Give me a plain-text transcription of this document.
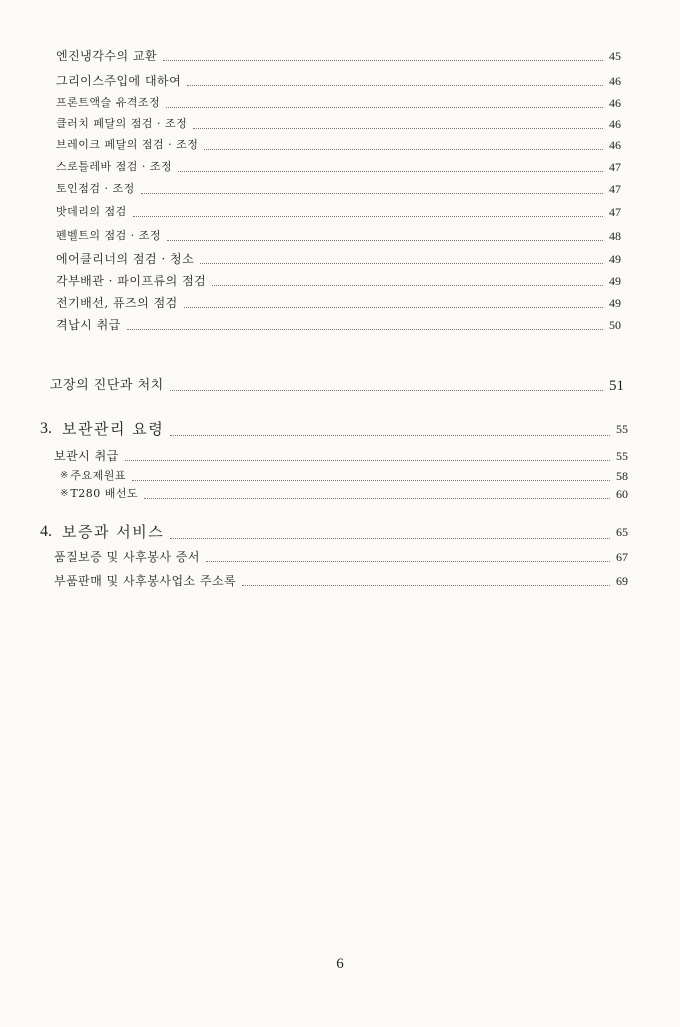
엔진냉각수의 교환	45
그리이스주입에 대하여	46
프론트액슬 유격조정	46
클러치 페달의 점검 · 조정	46
브레이크 페달의 점검 · 조정	46
스로틀레바 점검 · 조정	47
토인점검 · 조정	47
밧데리의 점검	47
펜벨트의 점검 · 조정	48
에어클리너의 점검 · 청소	49
각부배관 · 파이프류의 점검	49
전기배선, 퓨즈의 점검	49
격납시 취급	50
고장의 진단과 처치	51
3. 보관관리 요령	55
보관시 취급	55
※ 주요제원표	58
※ T280 배선도	60
4. 보증과 서비스	65
품질보증 및 사후봉사 증서	67
부품판매 및 사후봉사업소 주소록	69
6
